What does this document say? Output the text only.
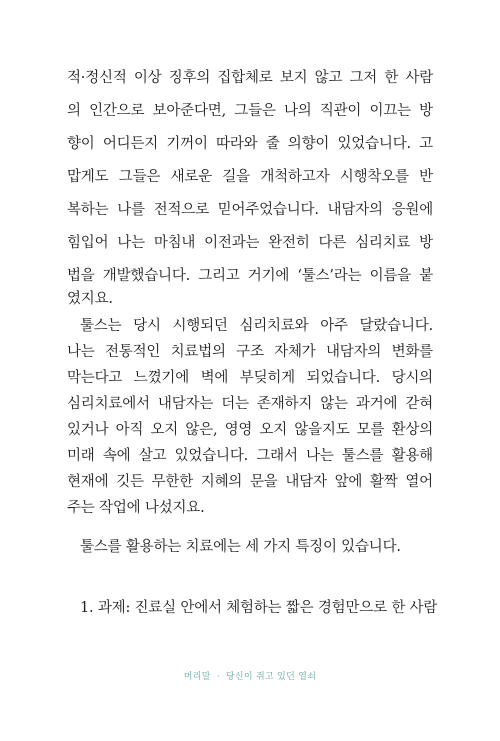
적·정신적 이상 징후의 집합체로 보지 않고 그저 한 사람
의 인간으로 보아준다면, 그들은 나의 직관이 이끄는 방
향이 어디든지 기꺼이 따라와 줄 의향이 있었습니다. 고
맙게도 그들은 새로운 길을 개척하고자 시행착오를 반
복하는 나를 전적으로 믿어주었습니다. 내담자의 응원에
힘입어 나는 마침내 이전과는 완전히 다른 심리치료 방
법을 개발했습니다. 그리고 거기에 ‘툴스’라는 이름을 붙
였지요.
툴스는 당시 시행되던 심리치료와 아주 달랐습니다.
나는 전통적인 치료법의 구조 자체가 내담자의 변화를
막는다고 느꼈기에 벽에 부딪히게 되었습니다. 당시의
심리치료에서 내담자는 더는 존재하지 않는 과거에 갇혀
있거나 아직 오지 않은, 영영 오지 않을지도 모를 환상의
미래 속에 살고 있었습니다. 그래서 나는 툴스를 활용해
현재에 깃든 무한한 지혜의 문을 내담자 앞에 활짝 열어
주는 작업에 나섰지요.
툴스를 활용하는 치료에는 세 가지 특징이 있습니다.
1. 과제: 진료실 안에서 체험하는 짧은 경험만으로 한 사람
머리말 · 당신이 쥐고 있던 열쇠
